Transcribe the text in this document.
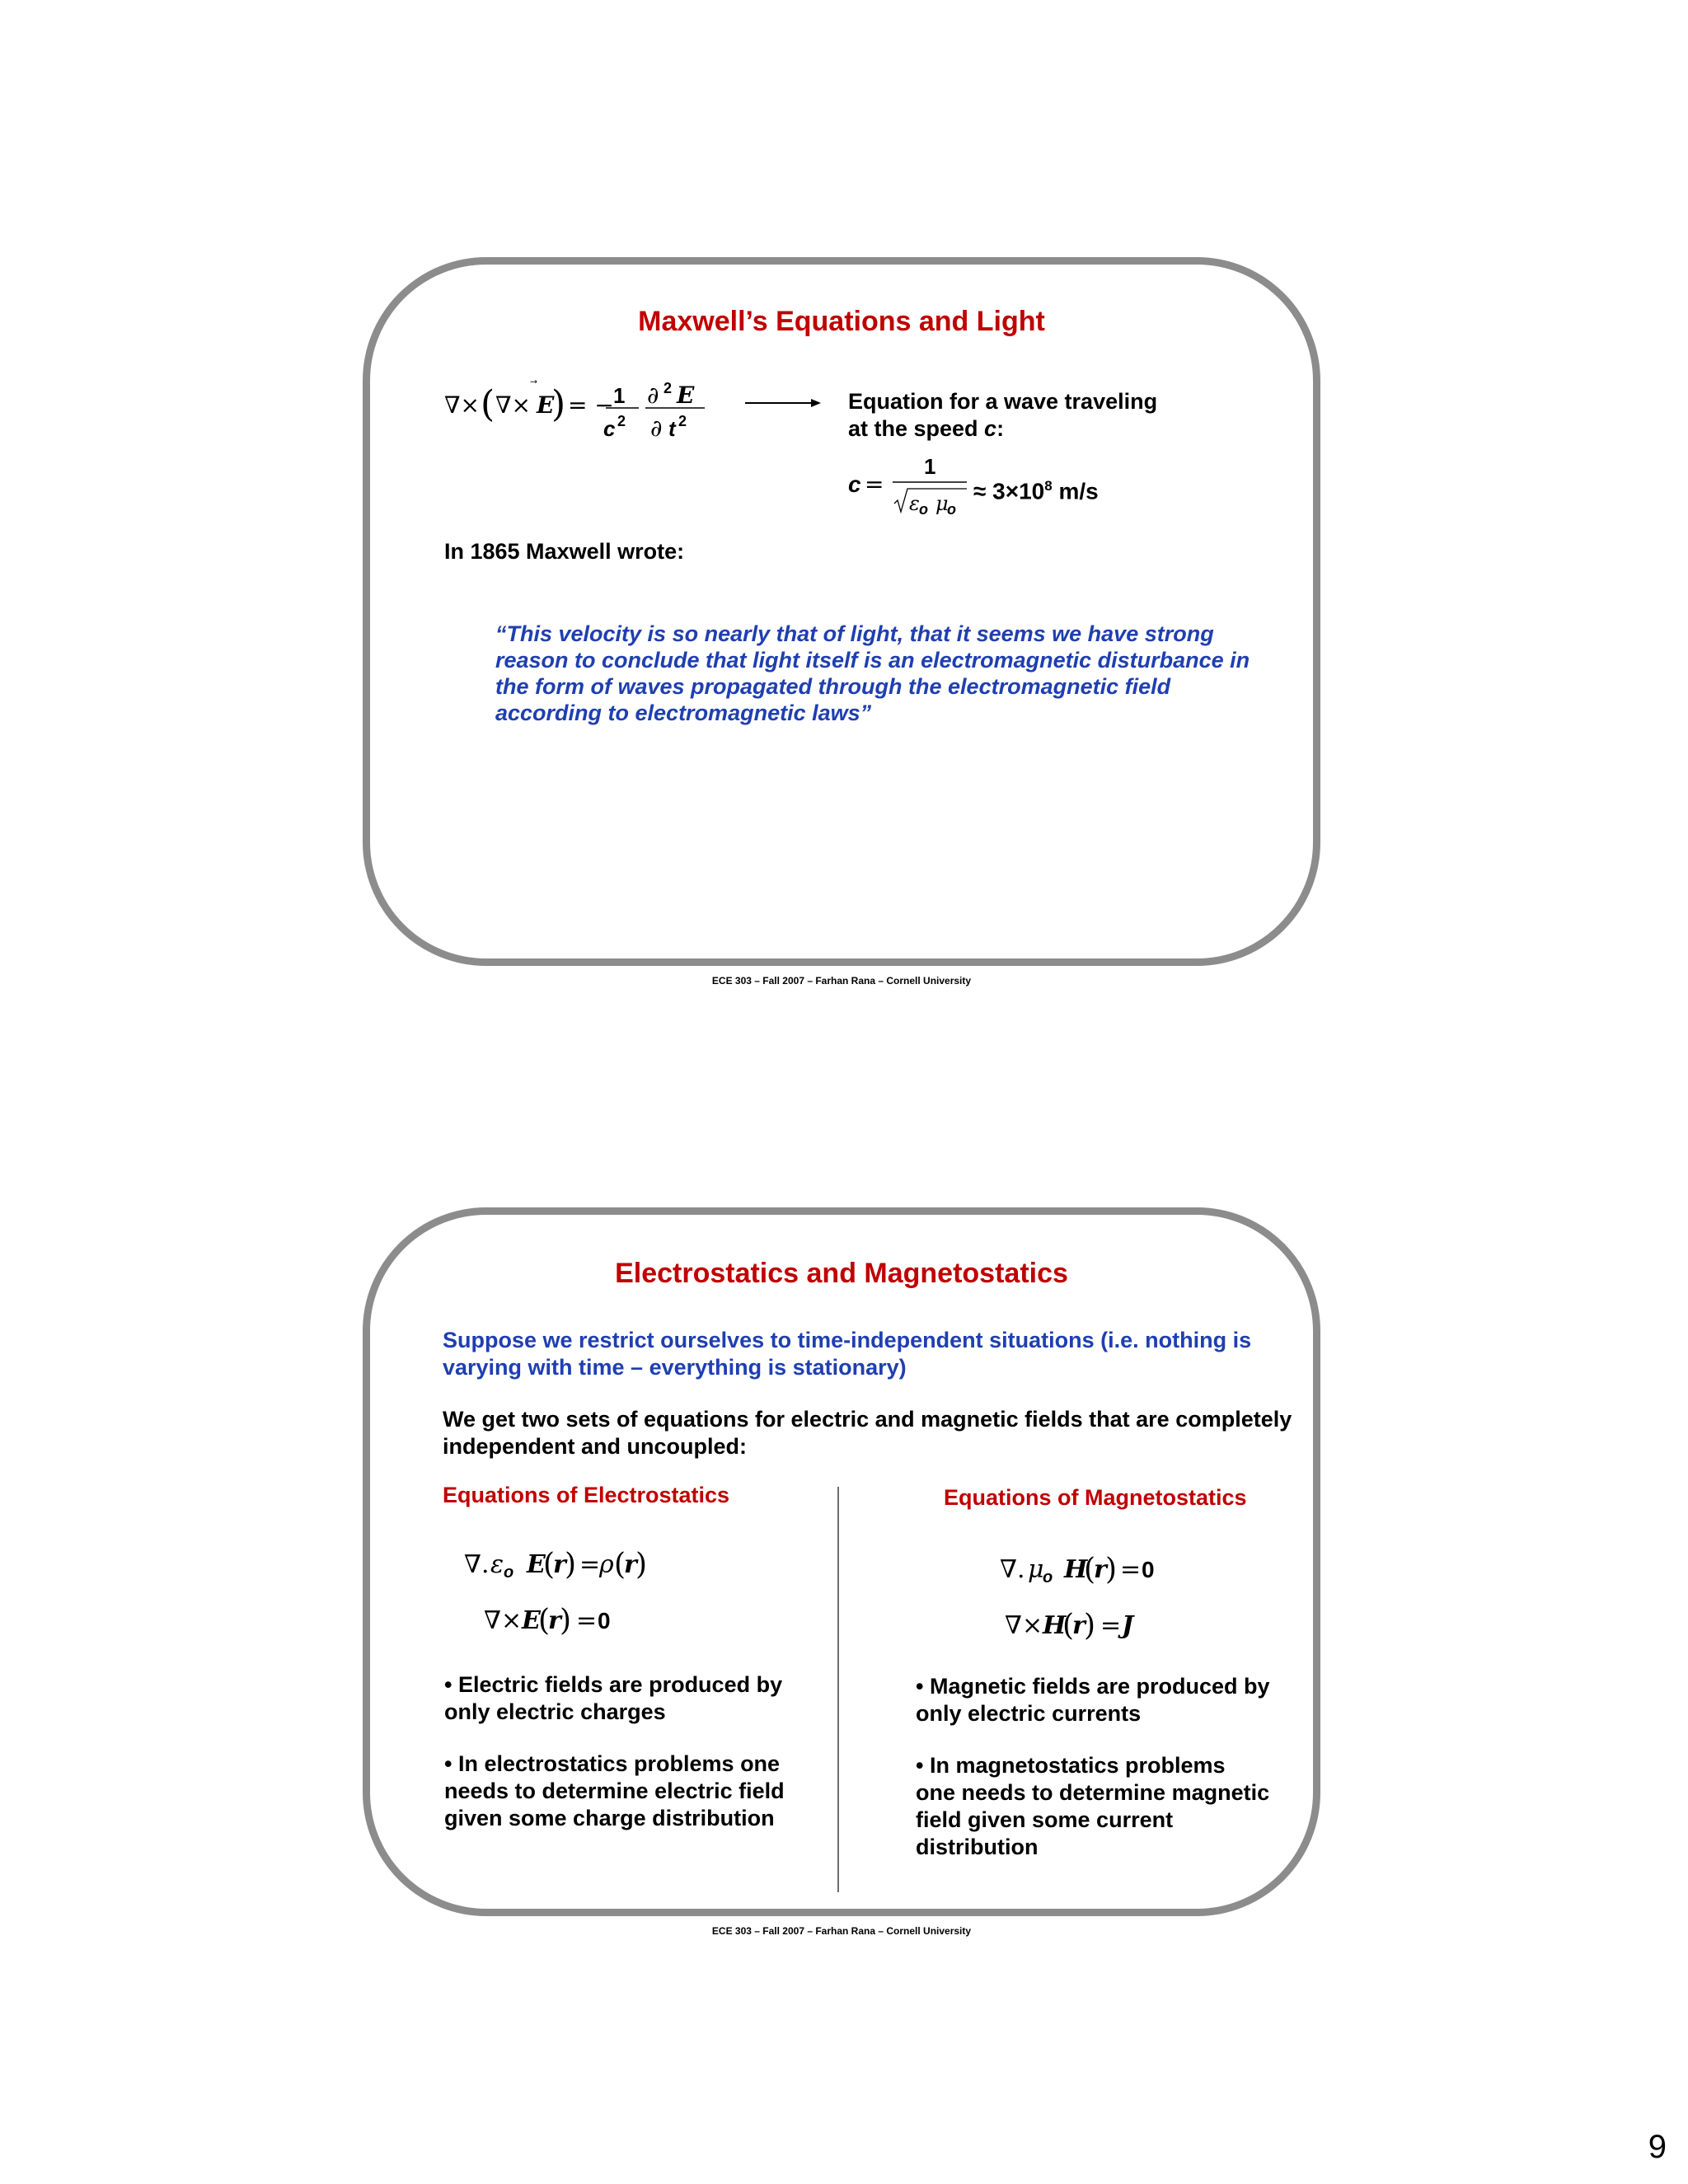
Maxwell’s Equations and Light
∇× ( ∇× E
) = − 1
c 2
∂ 2 E
∂ t 2
Equation for a wave traveling
at the speed c:
c =
1
ε o μ
o
≈ $3\times 10^8$ m/s
In 1865 Maxwell wrote:
“This velocity is so nearly that of light, that it seems we have strong
reason to conclude that light itself is an electromagnetic disturbance in
the form of waves propagated through the electromagnetic field
according to electromagnetic laws”
ECE 303 – Fall 2007 – Farhan Rana – Cornell University
Electrostatics and Magnetostatics
Suppose we restrict ourselves to time-independent situations (i.e. nothing is
varying with time – everything is stationary)
We get two sets of equations for electric and magnetic fields that are completely
independent and uncoupled:
Equations of Electrostatics	Equations of Magnetostatics
∇. ε o E
(
r
) =
ρ (
r
)
∇× E
(
r
) = 0
∇. μ
o H
(
r
) = 0
∇× H
(
r
) = J
• Electric fields are produced by
only electric charges
• In electrostatics problems one
needs to determine electric field
given some charge distribution
• Magnetic fields are produced by
only electric currents
• In magnetostatics problems
one needs to determine magnetic
field given some current
distribution
ECE 303 – Fall 2007 – Farhan Rana – Cornell University
9
